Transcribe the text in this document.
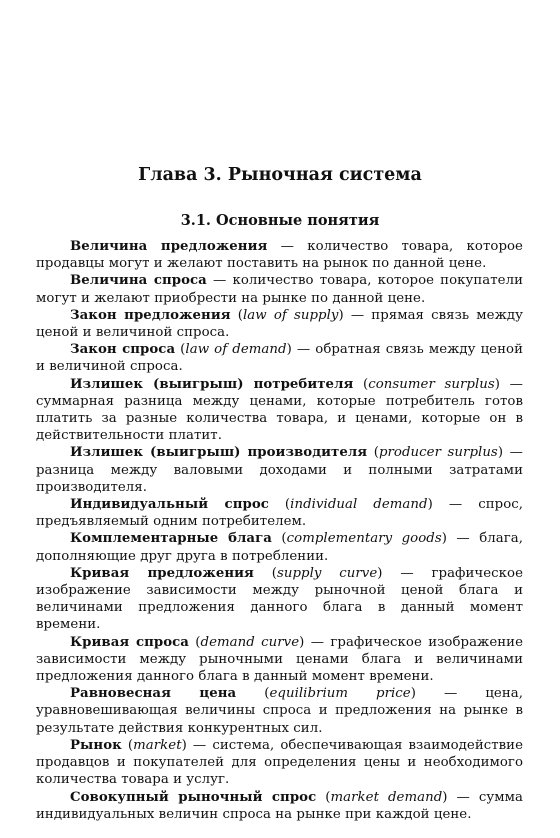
Глава 3. Рыночная система
3.1. Основные понятия

Величина предложения — количество товара, которое продавцы могут и желают поставить на рынок по данной цене.

Величина спроса — количество товара, которое покупатели могут и желают приобрести на рынке по данной цене.

Закон предложения (law of supply) — прямая связь между ценой и величиной спроса.

Закон спроса (law of demand) — обратная связь между ценой и величиной спроса.

Излишек (выигрыш) потребителя (consumer surplus) — суммарная разница между ценами, которые потребитель готов платить за разные количества товара, и ценами, которые он в действительности платит.

Излишек (выигрыш) производителя (producer surplus) — разница между валовыми доходами и полными затратами производителя.

Индивидуальный спрос (individual demand) — спрос, предъявляемый одним потребителем.

Комплементарные блага (complementary goods) — блага, дополняющие друг друга в потреблении.

Кривая предложения (supply curve) — графическое изображение зависимости между рыночной ценой блага и величинами предложения данного блага в данный момент времени.

Кривая спроса (demand curve) — графическое изображение зависимости между рыночными ценами блага и величинами предложения данного блага в данный момент времени.

Равновесная цена (equilibrium price) — цена, уравновешивающая величины спроса и предложения на рынке в результате действия конкурентных сил.

Рынок (market) — система, обеспечивающая взаимодействие продавцов и покупателей для определения цены и необходимого количества товара и услуг.

Совокупный рыночный спрос (market demand) — сумма индивидуальных величин спроса на рынке при каждой цене.
